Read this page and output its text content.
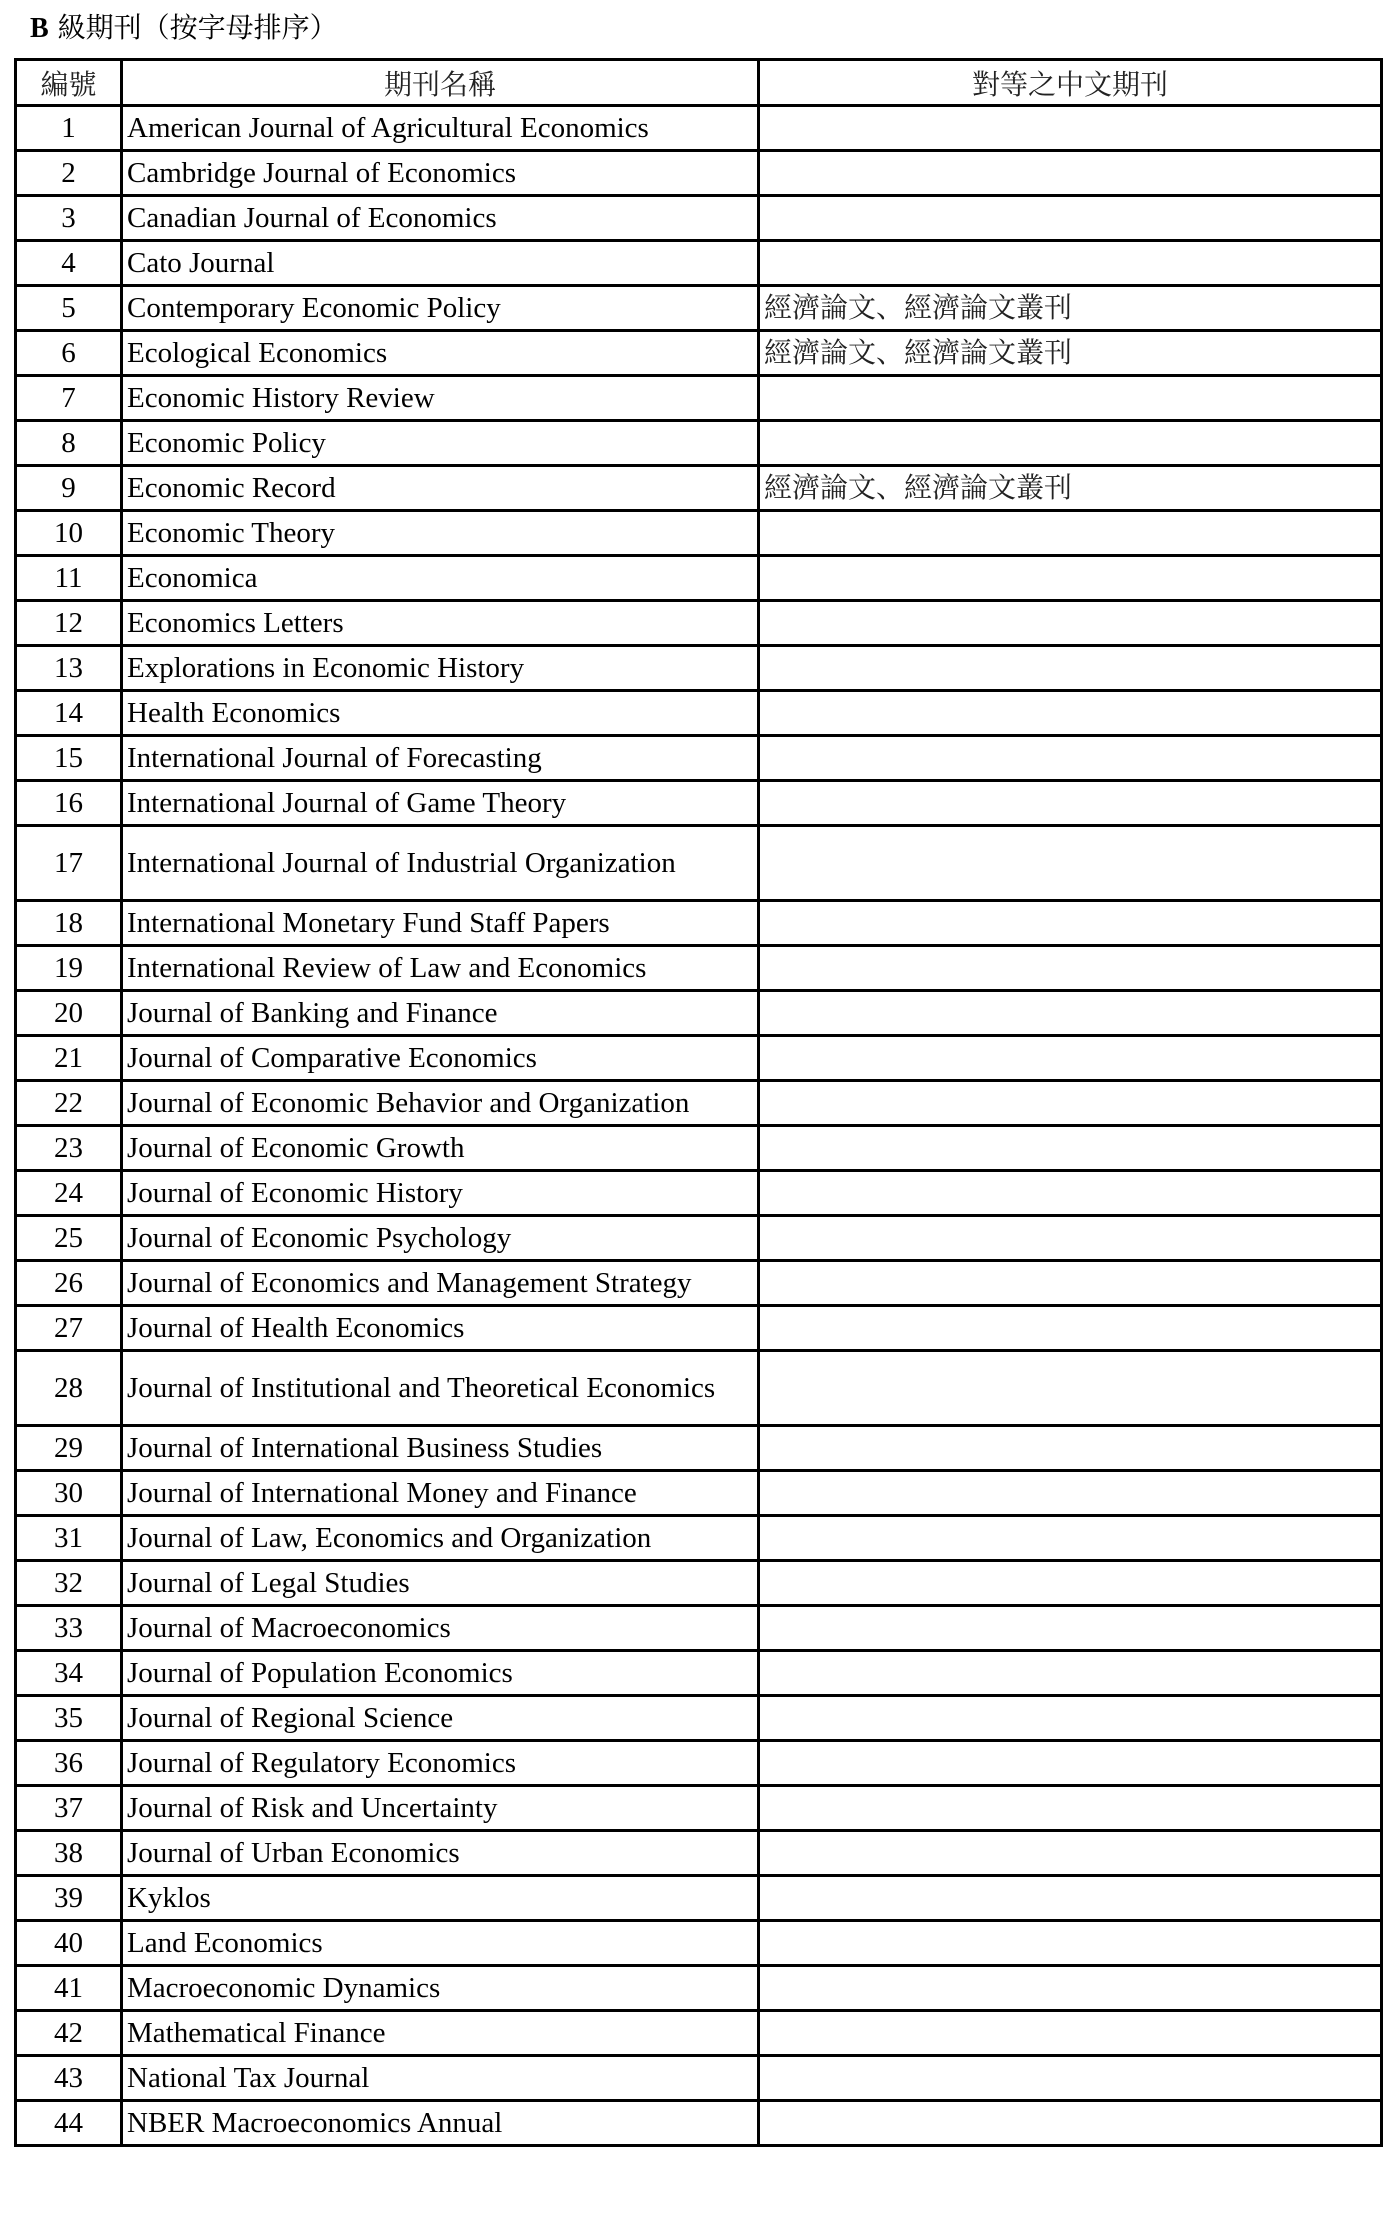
B 級期刊（按字母排序）
編號	期刊名稱	對等之中文期刊
1	American Journal of Agricultural Economics	
2	Cambridge Journal of Economics	
3	Canadian Journal of Economics	
4	Cato Journal	
5	Contemporary Economic Policy	經濟論文、經濟論文叢刊
6	Ecological Economics	經濟論文、經濟論文叢刊
7	Economic History Review	
8	Economic Policy	
9	Economic Record	經濟論文、經濟論文叢刊
10	Economic Theory	
11	Economica	
12	Economics Letters	
13	Explorations in Economic History	
14	Health Economics	
15	International Journal of Forecasting	
16	International Journal of Game Theory	
17	International Journal of Industrial Organization	
18	International Monetary Fund Staff Papers	
19	International Review of Law and Economics	
20	Journal of Banking and Finance	
21	Journal of Comparative Economics	
22	Journal of Economic Behavior and Organization	
23	Journal of Economic Growth	
24	Journal of Economic History	
25	Journal of Economic Psychology	
26	Journal of Economics and Management Strategy	
27	Journal of Health Economics	
28	Journal of Institutional and Theoretical Economics	
29	Journal of International Business Studies	
30	Journal of International Money and Finance	
31	Journal of Law, Economics and Organization	
32	Journal of Legal Studies	
33	Journal of Macroeconomics	
34	Journal of Population Economics	
35	Journal of Regional Science	
36	Journal of Regulatory Economics	
37	Journal of Risk and Uncertainty	
38	Journal of Urban Economics	
39	Kyklos	
40	Land Economics	
41	Macroeconomic Dynamics	
42	Mathematical Finance	
43	National Tax Journal	
44	NBER Macroeconomics Annual	
